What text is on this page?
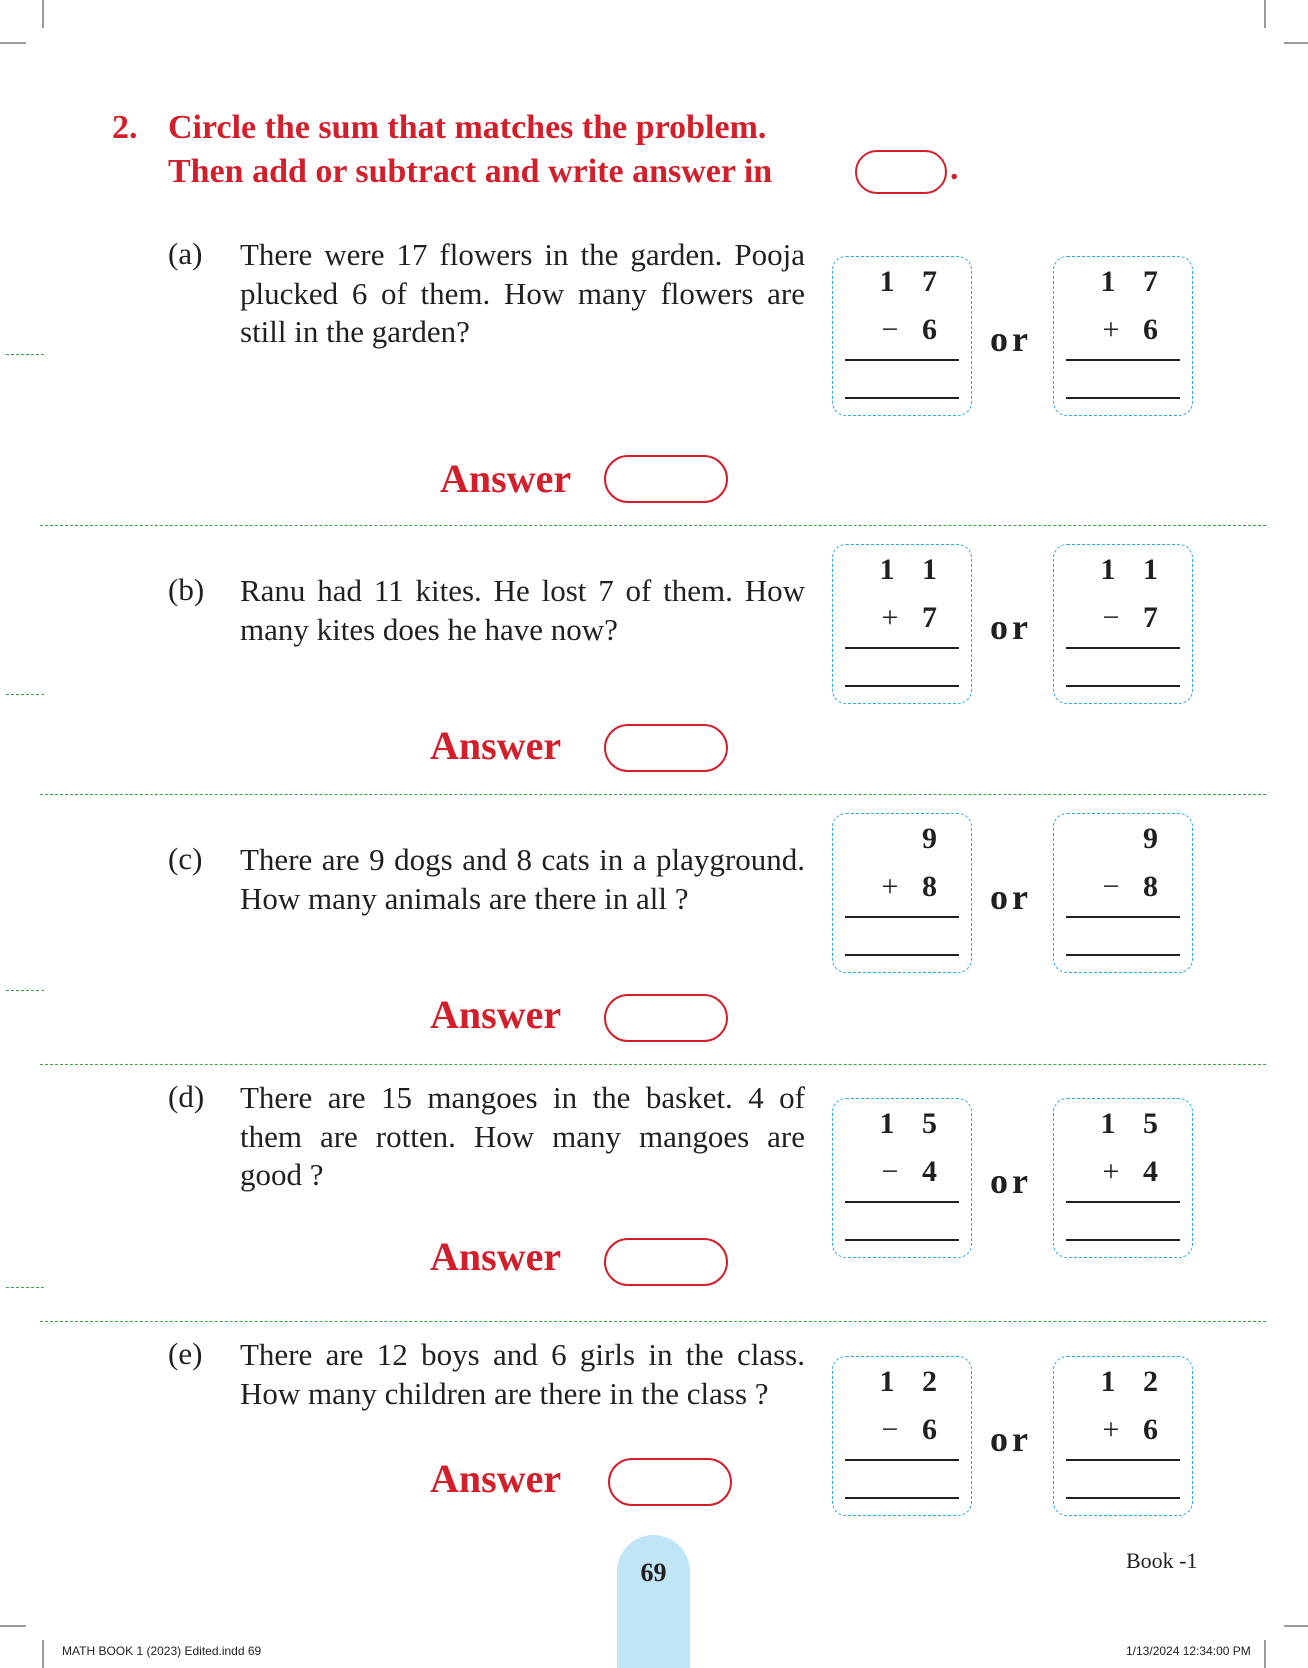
2. Circle the sum that matches the problem.
Then add or subtract and write answer in	.
(a) There were 17 flowers in the garden. Pooja plucked 6 of them. How many flowers are still in the garden?
1 7
− 6 or
1 7
+ 6
Answer
(b) Ranu had 11 kites. He lost 7 of them. How many kites does he have now?
1 1
+ 7 or
1 1
− 7
Answer
(c) There are 9 dogs and 8 cats in a playground. How many animals are there in all ?
9
+ 8 or
9
− 8
Answer
(d) There are 15 mangoes in the basket. 4 of them are rotten. How many mangoes are good ?
1 5
− 4 or
1 5
+ 4
Answer
(e) There are 12 boys and 6 girls in the class. How many children are there in the class ?	1 2
− 6 or
1 2
+ 6
Answer
69	Book -1
MATH BOOK 1 (2023) Edited.indd 69	1/13/2024 12:34:00 PM
